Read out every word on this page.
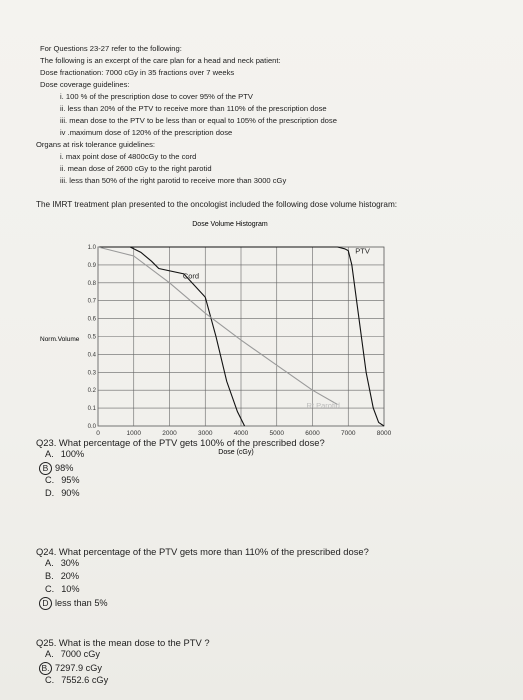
For Questions 23-27 refer to the following:
The following is an excerpt of the care plan for a head and neck patient:
Dose fractionation: 7000 cGy in 35 fractions over 7 weeks
Dose coverage guidelines:
i. 100 % of the prescription dose to cover 95% of the PTV
ii. less than 20% of the PTV to receive more than 110% of the prescription dose
iii. mean dose to the PTV to be less than or equal to 105% of the prescription dose
iv .maximum dose of 120% of the prescription dose
Organs at risk tolerance guidelines:
i. max point dose of 4800cGy to the cord
ii. mean dose of 2600 cGy to the right parotid
iii. less than 50% of the right parotid to receive more than 3000 cGy
The IMRT treatment plan presented to the oncologist included the following dose volume histogram:
Dose Volume Histogram
0	1000	2000	3000	4000	5000	6000	7000	8000
0.0
0.1
0.2
0.3
0.4
0.5
0.6
0.7
0.8
0.9
1.0	PTV
Cord
Rt Parotid
Norm.Volume
Dose (cGy)
Q23. What percentage of the PTV gets 100% of the prescribed dose?
A. 100%
B 98%
C. 95%
D. 90%
Q24. What percentage of the PTV gets more than 110% of the prescribed dose?
A. 30%
B. 20%
C. 10%
D less than 5%
Q25. What is the mean dose to the PTV ?
A. 7000 cGy
B. 7297.9 cGy
C. 7552.6 cGy
